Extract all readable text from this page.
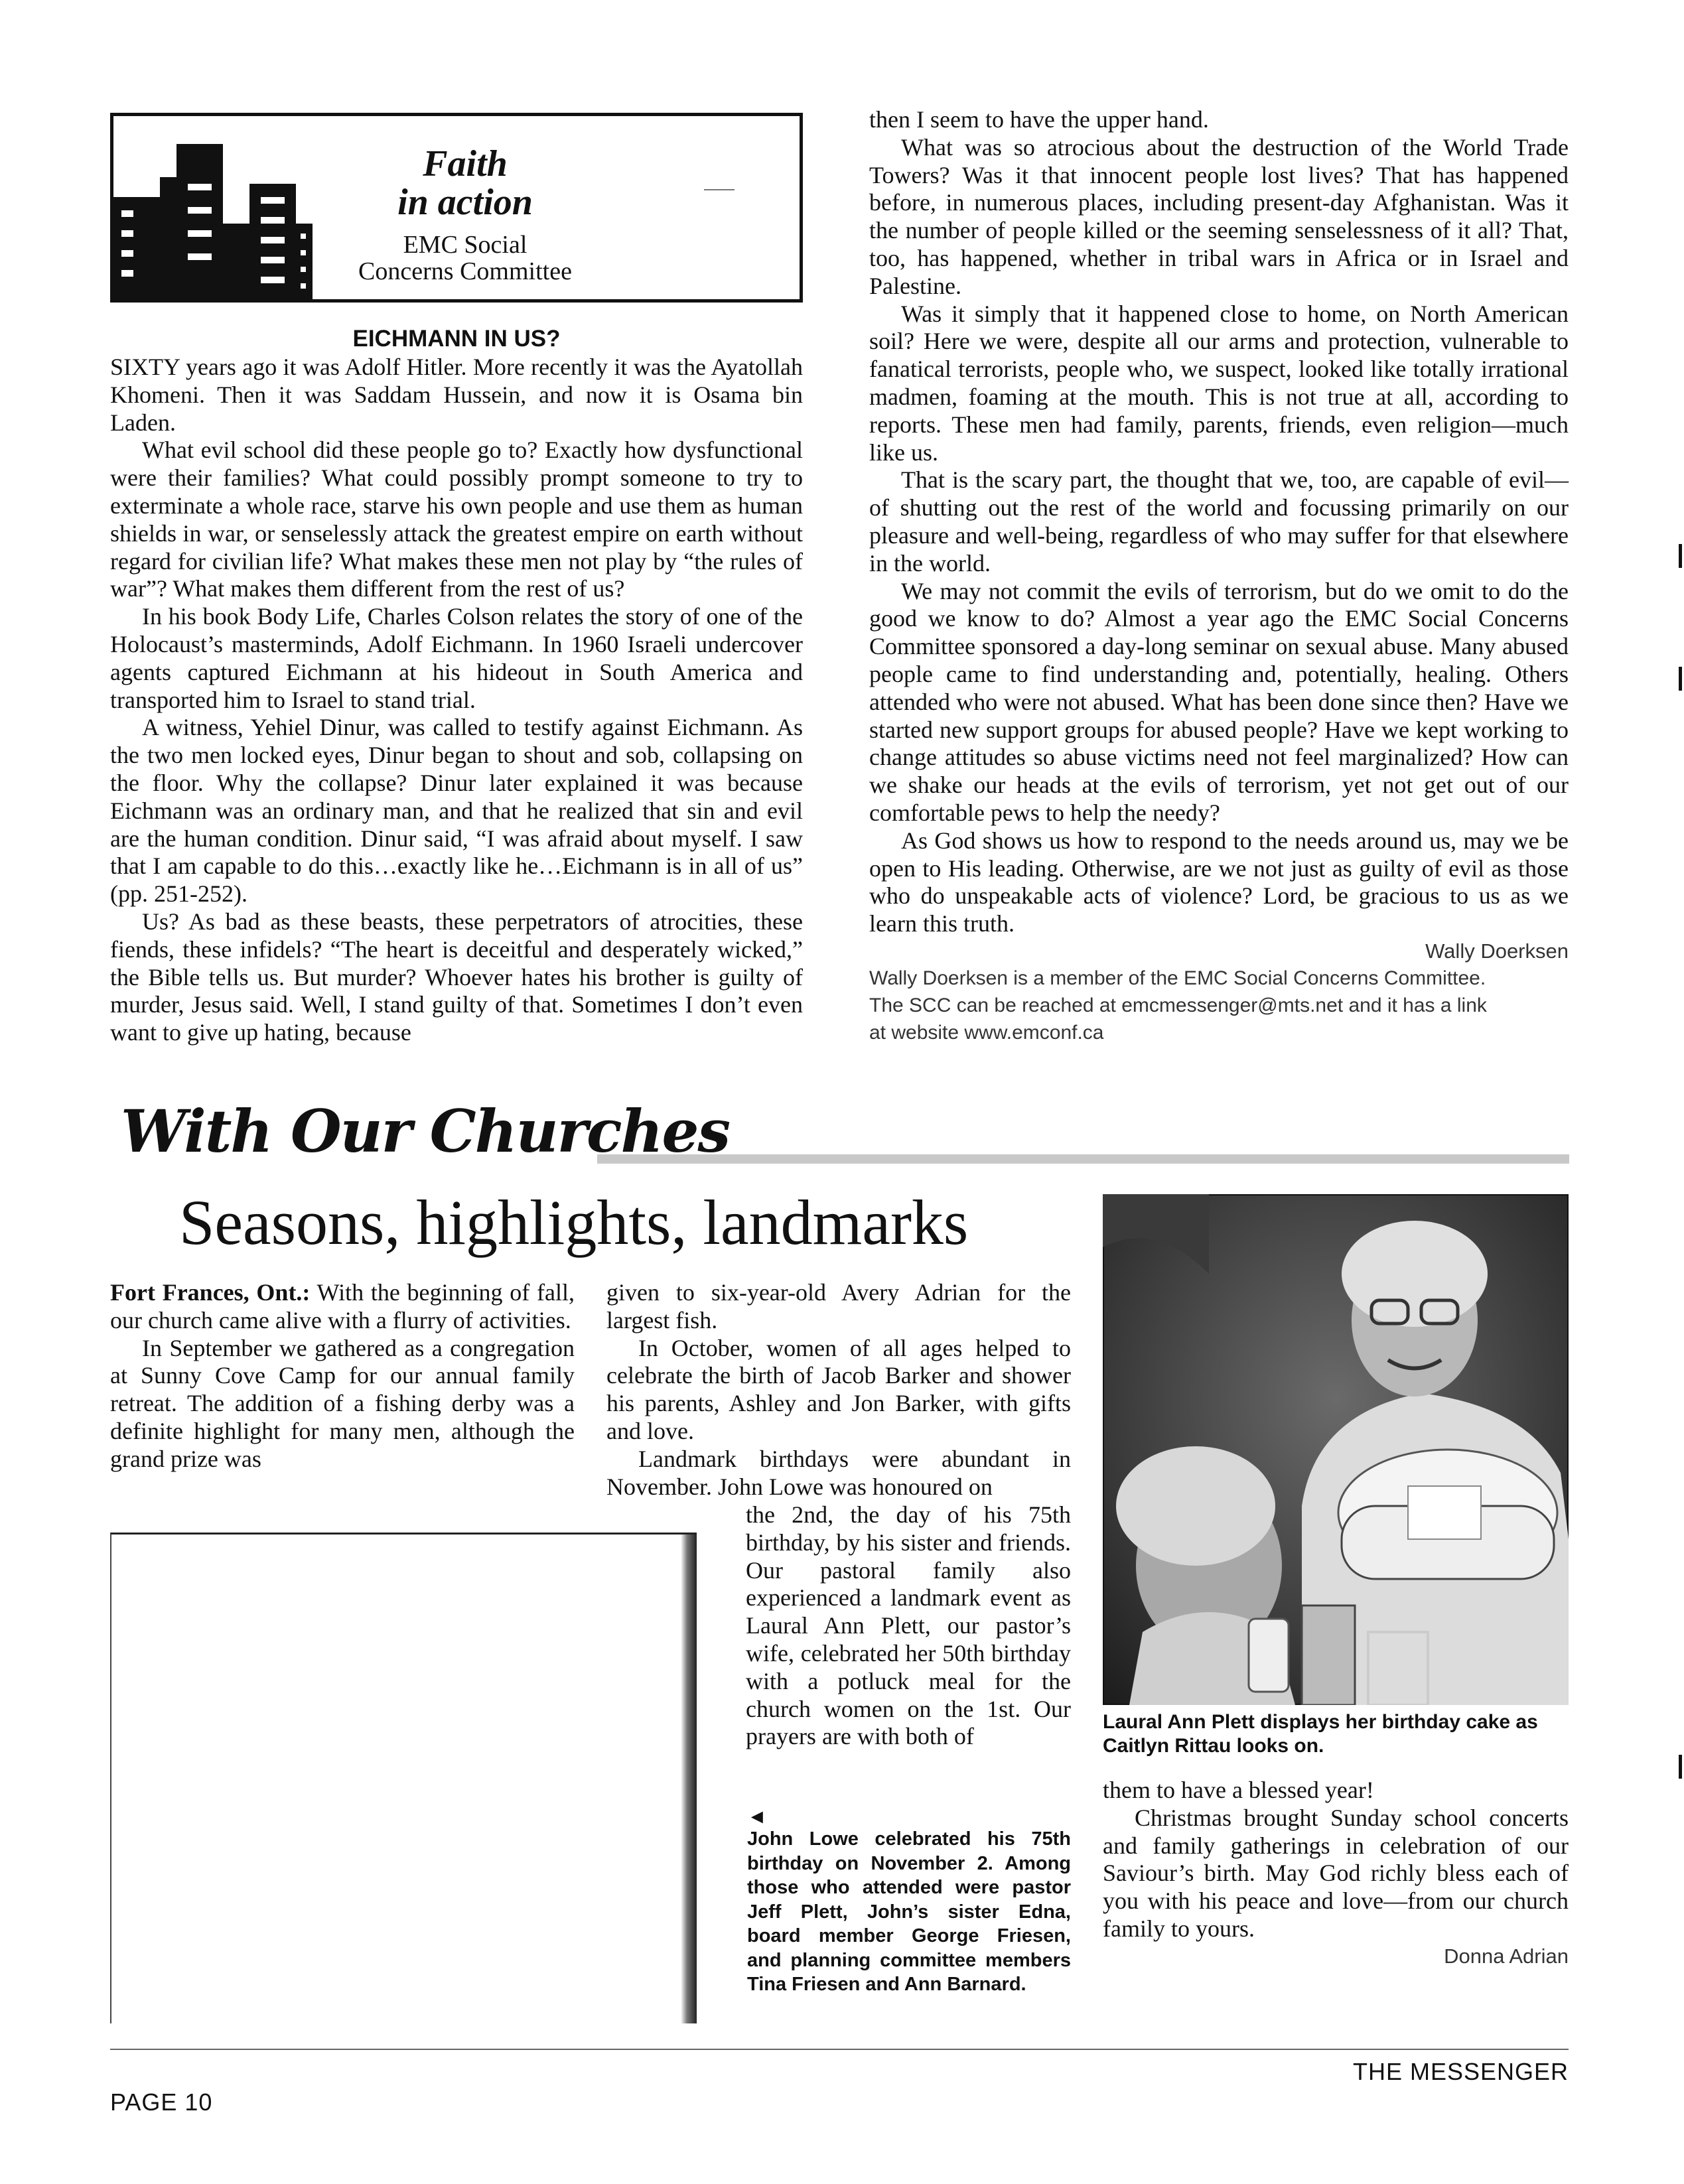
Faith
in action
EMC Social
Concerns Committee
EICHMANN IN US?

SIXTY years ago it was Adolf Hitler. More recently it was the Ayatollah Khomeni. Then it was Saddam Hussein, and now it is Osama bin Laden.

What evil school did these people go to? Exactly how dysfunctional were their families? What could possibly prompt someone to try to exterminate a whole race, starve his own people and use them as human shields in war, or senselessly attack the greatest empire on earth without regard for civilian life? What makes these men not play by “the rules of war”? What makes them different from the rest of us?

In his book Body Life, Charles Colson relates the story of one of the Holocaust’s masterminds, Adolf Eichmann. In 1960 Israeli undercover agents captured Eichmann at his hideout in South America and transported him to Israel to stand trial.

A witness, Yehiel Dinur, was called to testify against Eichmann. As the two men locked eyes, Dinur began to shout and sob, collapsing on the floor. Why the collapse? Dinur later explained it was because Eichmann was an ordinary man, and that he realized that sin and evil are the human condition. Dinur said, “I was afraid about myself. I saw that I am capable to do this…exactly like he…Eichmann is in all of us” (pp. 251-252).

Us? As bad as these beasts, these perpetrators of atrocities, these fiends, these infidels? “The heart is deceitful and desperately wicked,” the Bible tells us. But murder? Whoever hates his brother is guilty of murder, Jesus said. Well, I stand guilty of that. Sometimes I don’t even want to give up hating, because

then I seem to have the upper hand.

What was so atrocious about the destruction of the World Trade Towers? Was it that innocent people lost lives? That has happened before, in numerous places, including present-day Afghanistan. Was it the number of people killed or the seeming senselessness of it all? That, too, has happened, whether in tribal wars in Africa or in Israel and Palestine.

Was it simply that it happened close to home, on North American soil? Here we were, despite all our arms and protection, vulnerable to fanatical terrorists, people who, we suspect, looked like totally irrational madmen, foaming at the mouth. This is not true at all, according to reports. These men had family, parents, friends, even religion—much like us.

That is the scary part, the thought that we, too, are capable of evil—of shutting out the rest of the world and focussing primarily on our pleasure and well-being, regardless of who may suffer for that elsewhere in the world.

We may not commit the evils of terrorism, but do we omit to do the good we know to do? Almost a year ago the EMC Social Concerns Committee sponsored a day-long seminar on sexual abuse. Many abused people came to find understanding and, potentially, healing. Others attended who were not abused. What has been done since then? Have we started new support groups for abused people? Have we kept working to change attitudes so abuse victims need not feel marginalized? How can we shake our heads at the evils of terrorism, yet not get out of our comfortable pews to help the needy?

As God shows us how to respond to the needs around us, may we be open to His leading. Otherwise, are we not just as guilty of evil as those who do unspeakable acts of violence? Lord, be gracious to us as we learn this truth.

Wally Doerksen
Wally Doerksen is a member of the EMC Social Concerns Committee.
The SCC can be reached at emcmessenger@mts.net and it has a link
at website www.emconf.ca
With Our Churches
Seasons, highlights, landmarks

Fort Frances, Ont.: With the beginning of fall, our church came alive with a flurry of activities.

In September we gathered as a congregation at Sunny Cove Camp for our annual family retreat. The addition of a fishing derby was a definite highlight for many men, although the grand prize was

given to six-year-old Avery Adrian for the largest fish.

In October, women of all ages helped to celebrate the birth of Jacob Barker and shower his parents, Ashley and Jon Barker, with gifts and love.

Landmark birthdays were abundant in November. John Lowe was honoured on

the 2nd, the day of his 75th birthday, by his sister and friends. Our pastoral family also experienced a landmark event as Laural Ann Plett, our pastor’s wife, celebrated her 50th birthday with a potluck meal for the church women on the 1st. Our prayers are with both of

◄
John Lowe celebrated his 75th birthday on November 2. Among those who attended were pastor Jeff Plett, John’s sister Edna, board member George Friesen, and planning committee members Tina Friesen and Ann Barnard.
Laural Ann Plett displays her birthday cake as Caitlyn Rittau looks on.

them to have a blessed year!

Christmas brought Sunday school concerts and family gatherings in celebration of our Saviour’s birth. May God richly bless each of you with his peace and love—from our church family to yours.

Donna Adrian
PAGE 10
THE MESSENGER
